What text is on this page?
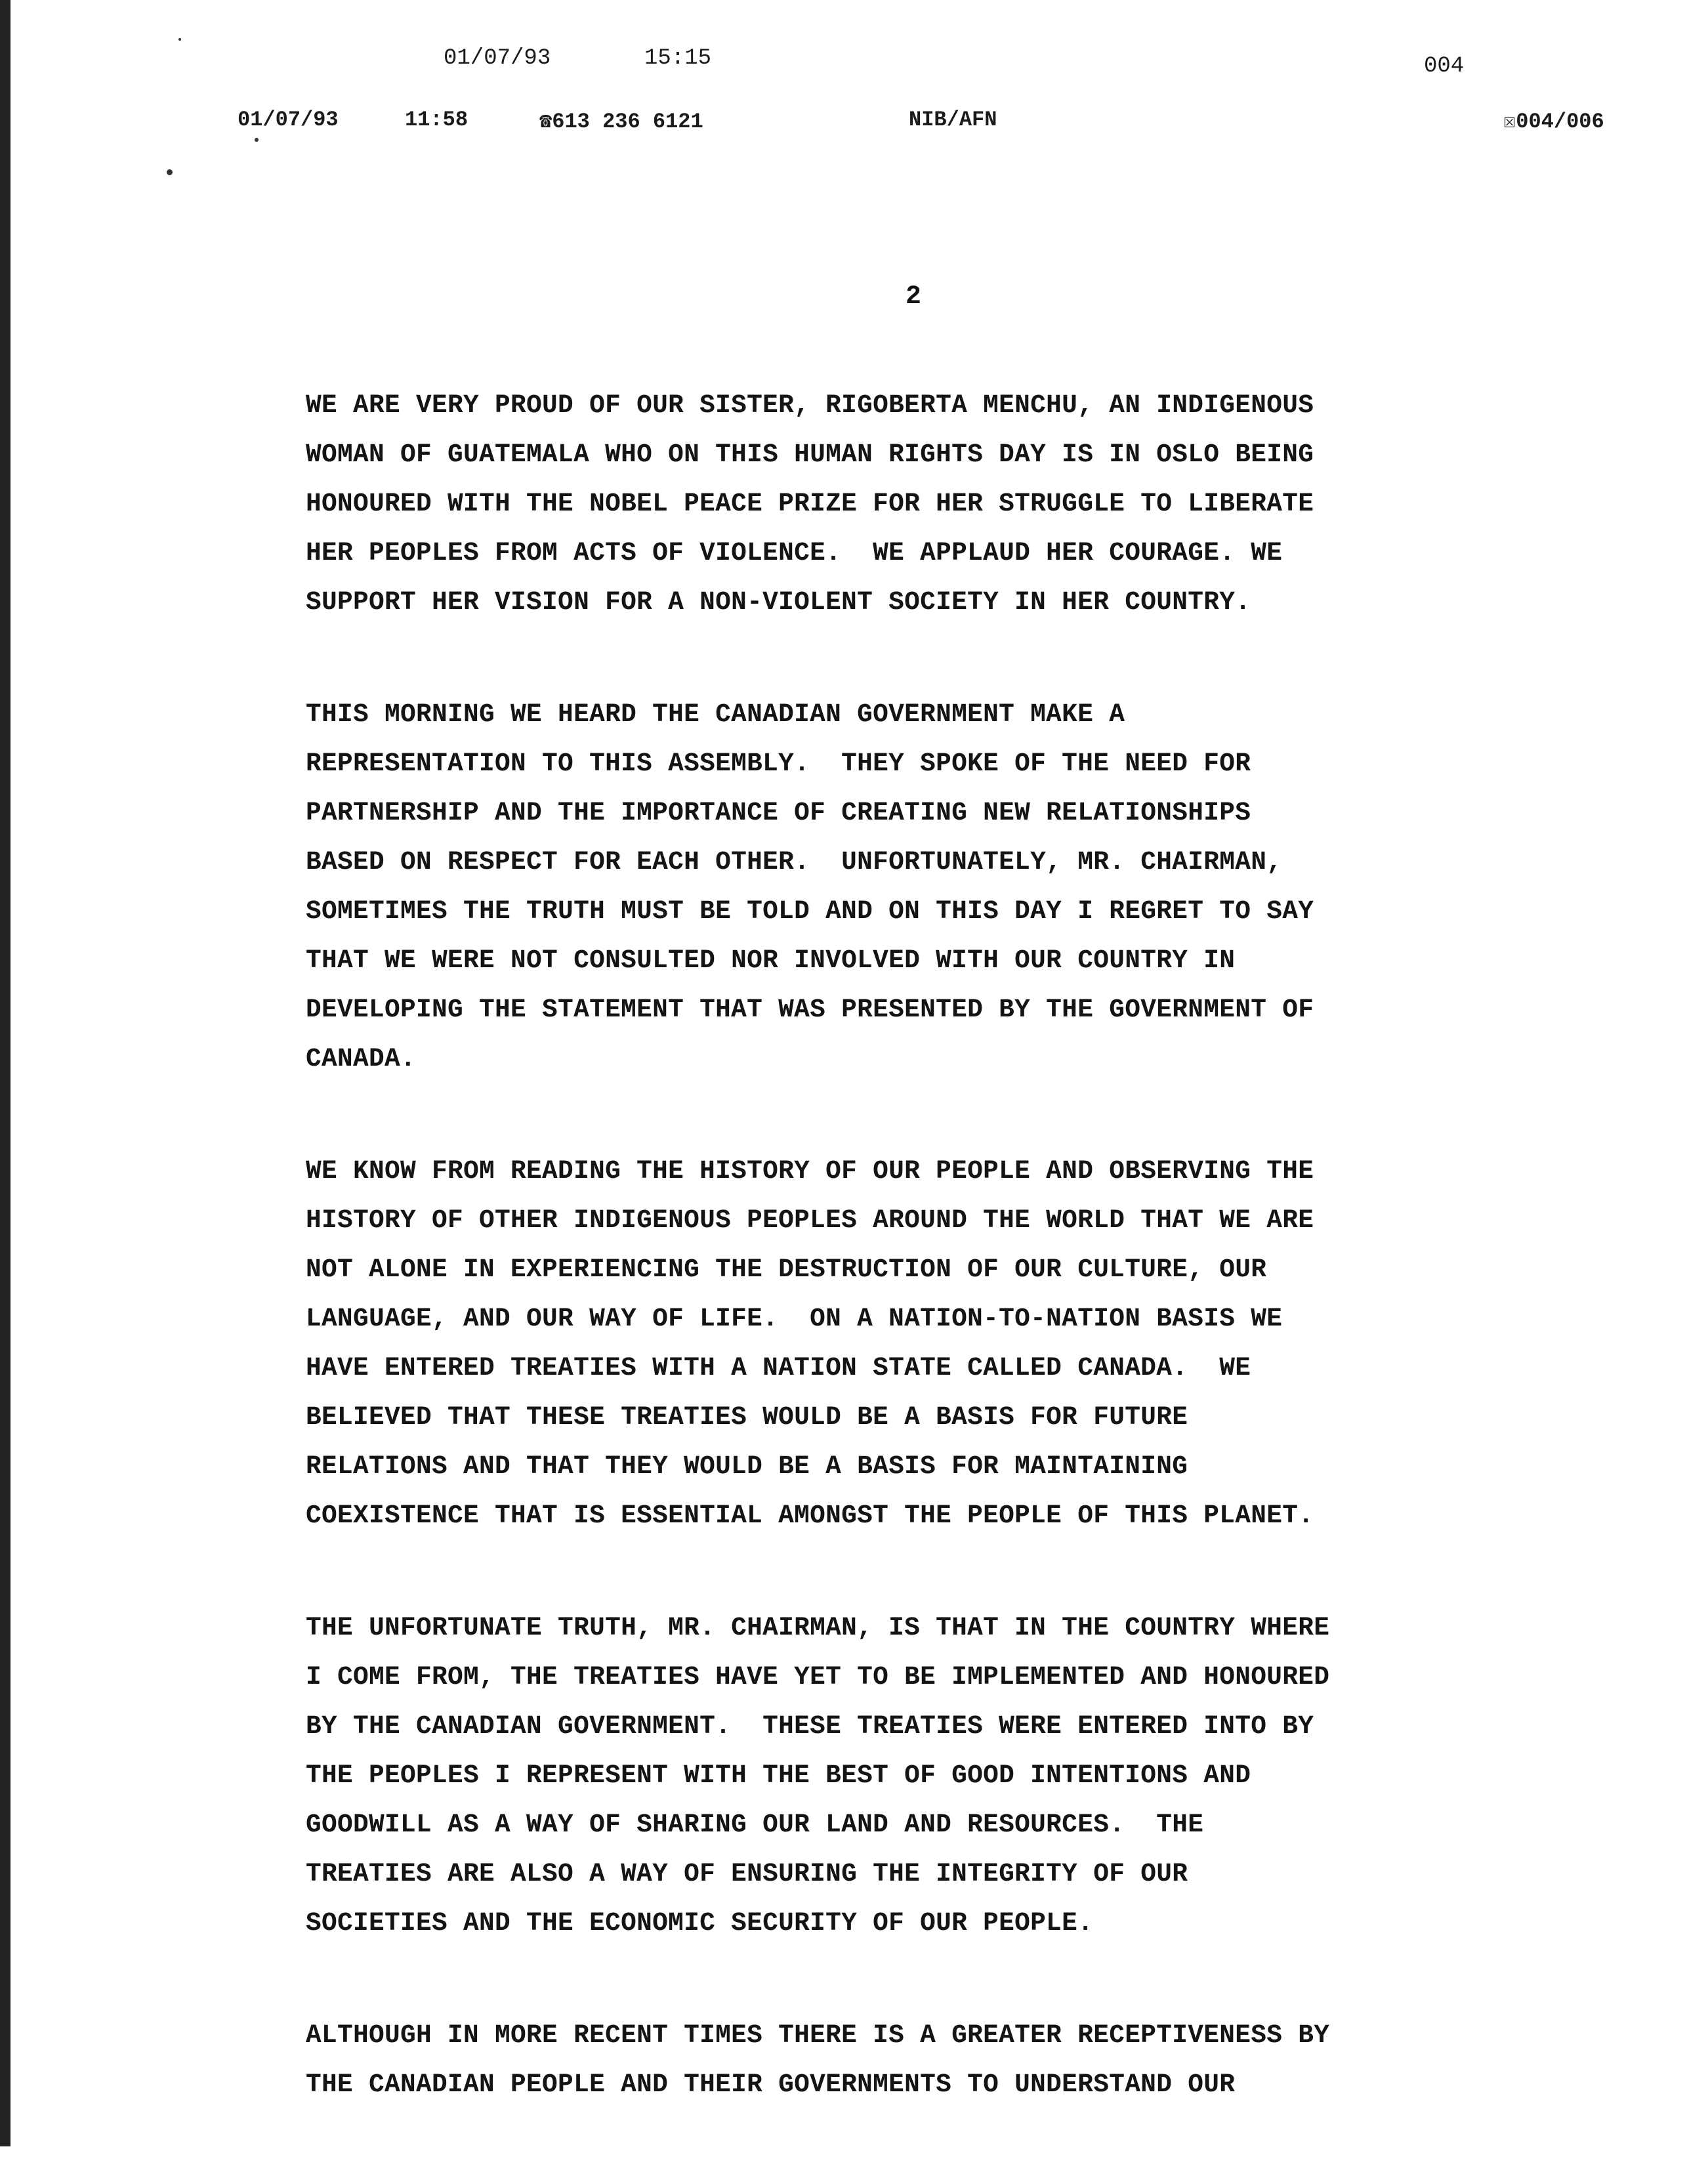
01/07/93	15:15	004
01/07/93	11:58	☎613 236 6121	NIB/AFN	☒004/006
2

WE ARE VERY PROUD OF OUR SISTER, RIGOBERTA MENCHU, AN INDIGENOUS
WOMAN OF GUATEMALA WHO ON THIS HUMAN RIGHTS DAY IS IN OSLO BEING
HONOURED WITH THE NOBEL PEACE PRIZE FOR HER STRUGGLE TO LIBERATE
HER PEOPLES FROM ACTS OF VIOLENCE.  WE APPLAUD HER COURAGE. WE
SUPPORT HER VISION FOR A NON-VIOLENT SOCIETY IN HER COUNTRY.

THIS MORNING WE HEARD THE CANADIAN GOVERNMENT MAKE A
REPRESENTATION TO THIS ASSEMBLY.  THEY SPOKE OF THE NEED FOR
PARTNERSHIP AND THE IMPORTANCE OF CREATING NEW RELATIONSHIPS
BASED ON RESPECT FOR EACH OTHER.  UNFORTUNATELY, MR. CHAIRMAN,
SOMETIMES THE TRUTH MUST BE TOLD AND ON THIS DAY I REGRET TO SAY
THAT WE WERE NOT CONSULTED NOR INVOLVED WITH OUR COUNTRY IN
DEVELOPING THE STATEMENT THAT WAS PRESENTED BY THE GOVERNMENT OF
CANADA.

WE KNOW FROM READING THE HISTORY OF OUR PEOPLE AND OBSERVING THE
HISTORY OF OTHER INDIGENOUS PEOPLES AROUND THE WORLD THAT WE ARE
NOT ALONE IN EXPERIENCING THE DESTRUCTION OF OUR CULTURE, OUR
LANGUAGE, AND OUR WAY OF LIFE.  ON A NATION-TO-NATION BASIS WE
HAVE ENTERED TREATIES WITH A NATION STATE CALLED CANADA.  WE
BELIEVED THAT THESE TREATIES WOULD BE A BASIS FOR FUTURE
RELATIONS AND THAT THEY WOULD BE A BASIS FOR MAINTAINING
COEXISTENCE THAT IS ESSENTIAL AMONGST THE PEOPLE OF THIS PLANET.

THE UNFORTUNATE TRUTH, MR. CHAIRMAN, IS THAT IN THE COUNTRY WHERE
I COME FROM, THE TREATIES HAVE YET TO BE IMPLEMENTED AND HONOURED
BY THE CANADIAN GOVERNMENT.  THESE TREATIES WERE ENTERED INTO BY
THE PEOPLES I REPRESENT WITH THE BEST OF GOOD INTENTIONS AND
GOODWILL AS A WAY OF SHARING OUR LAND AND RESOURCES.  THE
TREATIES ARE ALSO A WAY OF ENSURING THE INTEGRITY OF OUR
SOCIETIES AND THE ECONOMIC SECURITY OF OUR PEOPLE.

ALTHOUGH IN MORE RECENT TIMES THERE IS A GREATER RECEPTIVENESS BY
THE CANADIAN PEOPLE AND THEIR GOVERNMENTS TO UNDERSTAND OUR
